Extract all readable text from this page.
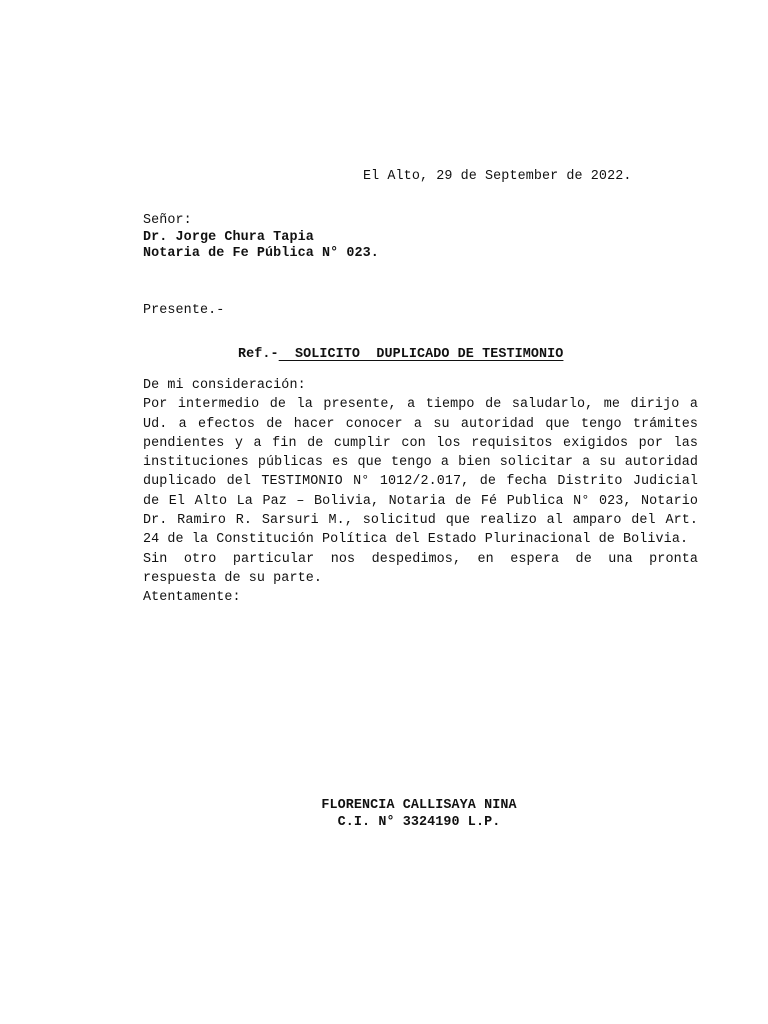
El Alto, 29 de September de 2022.
Señor:
Dr. Jorge Chura Tapia
Notaria de Fe Pública N° 023.
Presente.-
Ref.-  SOLICITO  DUPLICADO DE TESTIMONIO
De mi consideración:
Por intermedio de la presente, a tiempo de saludarlo, me dirijo a Ud. a efectos de hacer conocer a su autoridad que tengo trámites pendientes y a fin de cumplir con los requisitos exigidos por las instituciones públicas es que tengo a bien solicitar a su autoridad duplicado del TESTIMONIO N° 1012/2.017, de fecha Distrito Judicial de El Alto La Paz – Bolivia, Notaria de Fé Publica N° 023, Notario Dr. Ramiro R. Sarsuri M., solicitud que realizo al amparo del Art. 24 de la Constitución Política del Estado Plurinacional de Bolivia.
Sin otro particular nos despedimos, en espera de una pronta respuesta de su parte.
Atentamente:
FLORENCIA CALLISAYA NINA
C.I. N° 3324190 L.P.
